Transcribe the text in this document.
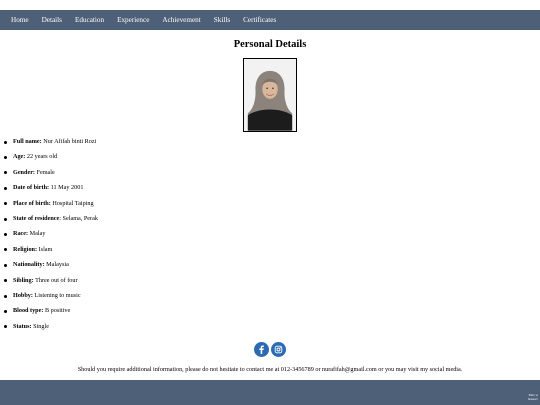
Home Details Education Experience Achievement Skills Certificates
Personal Details
Full name: Nur Afifah binti Rozi
Age: 22 years old
Gender: Female
Date of birth: 11 May 2001
Place of birth: Hospital Taiping
State of residence: Selama, Perak
Race: Malay
Religion: Islam
Nationality: Malaysia
Sibling: Three out of four
Hobby: Listening to music
Blood type: B positive
Status: Single

Should you require additional information, please do not hesitate to contact me at 012-3456789 or nurafifah@gmail.com or you may visit my social media.

This w
Reserv
